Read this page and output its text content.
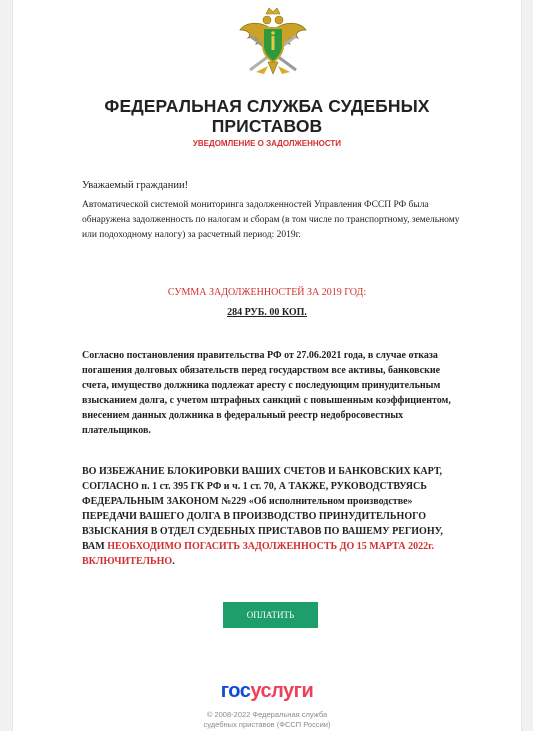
ФЕДЕРАЛЬНАЯ СЛУЖБА СУДЕБНЫХ
ПРИСТАВОВ
УВЕДОМЛЕНИЕ О ЗАДОЛЖЕННОСТИ
Уважаемый граждании!
Автоматической системой мониторинга задолженностей Управления ФССП РФ была обнаружена задолженность по налогам и сборам (в том числе по транспортному, земельному или подоходному налогу) за расчетный период: 2019г.
СУММА ЗАДОЛЖЕННОСТЕЙ ЗА 2019 ГОД:
284 РУБ. 00 КОП.
Согласно постановления правительства РФ от 27.06.2021 года, в случае отказа погашения долговых обязательств перед государством все активы, банковские счета, имущество должника подлежат аресту с последующим принудительным взысканием долга, с учетом штрафных санкций с повышенным коэффициентом, внесением данных должника в федеральный реестр недобросовестных плательщиков.
ВО ИЗБЕЖАНИЕ БЛОКИРОВКИ ВАШИХ СЧЕТОВ И БАНКОВСКИХ КАРТ, СОГЛАСНО п. 1 ст. 395 ГК РФ и ч. 1 ст. 70, А ТАКЖЕ, РУКОВОДСТВУЯСЬ ФЕДЕРАЛЬНЫМ ЗАКОНОМ №229 «Об исполнительном производстве» ПЕРЕДАЧИ ВАШЕГО ДОЛГА В ПРОИЗВОДСТВО ПРИНУДИТЕЛЬНОГО ВЗЫСКАНИЯ В ОТДЕЛ СУДЕБНЫХ ПРИСТАВОВ ПО ВАШЕМУ РЕГИОНУ, ВАМ НЕОБХОДИМО ПОГАСИТЬ ЗАДОЛЖЕННОСТЬ ДО 15 МАРТА 2022г. ВКЛЮЧИТЕЛЬНО.
ОПЛАТИТЬ
госуслуги
© 2008-2022 Федеральная служба
судебных приставов (ФССП России)
